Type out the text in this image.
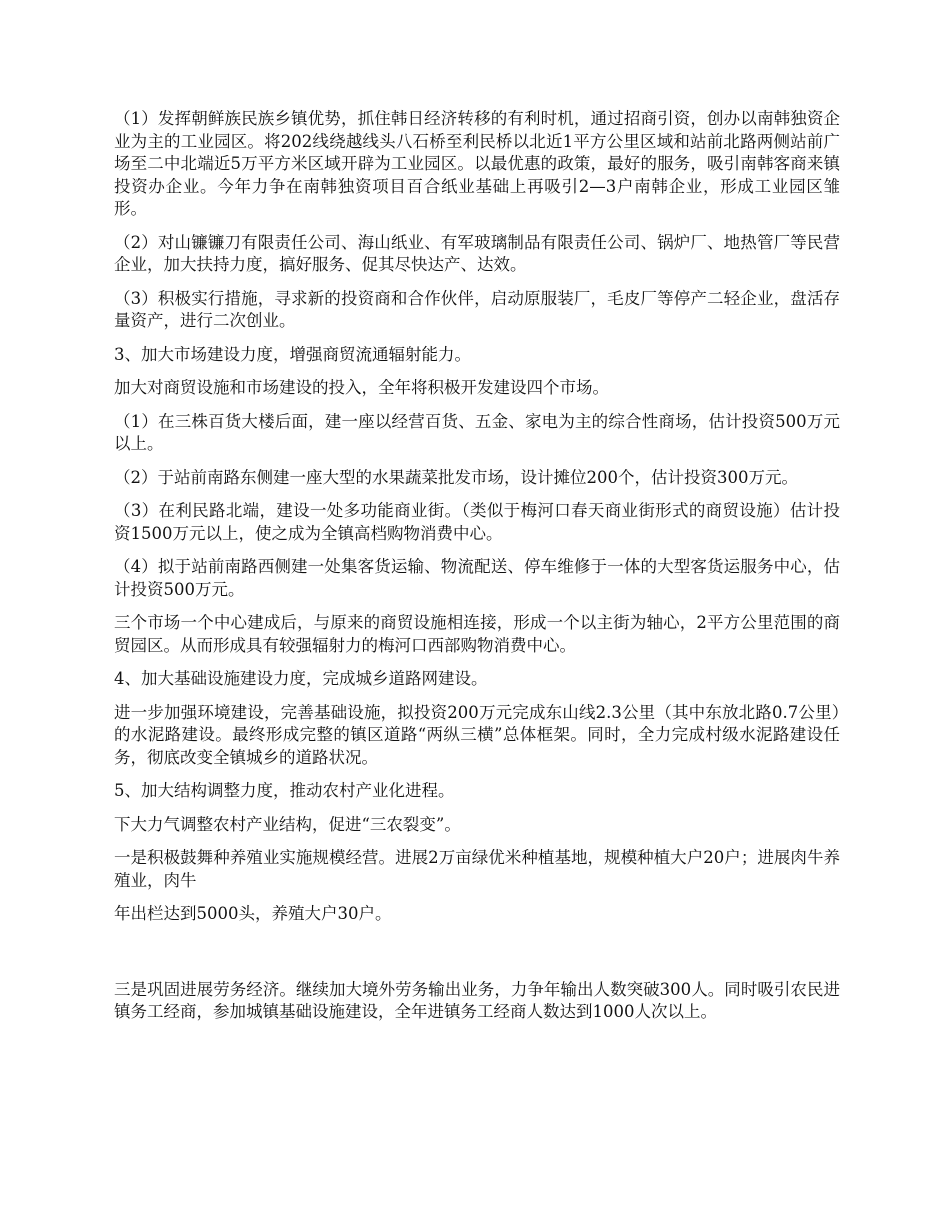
（1）发挥朝鲜族民族乡镇优势，抓住韩日经济转移的有利时机，通过招商引资，创办以南韩独资企业为主的工业园区。将202线绕越线头八石桥至利民桥以北近1平方公里区域和站前北路两侧站前广场至二中北端近5万平方米区域开辟为工业园区。以最优惠的政策，最好的服务，吸引南韩客商来镇投资办企业。今年力争在南韩独资项目百合纸业基础上再吸引2—3户南韩企业，形成工业园区雏形。

（2）对山镰镰刀有限责任公司、海山纸业、有军玻璃制品有限责任公司、锅炉厂、地热管厂等民营企业，加大扶持力度，搞好服务、促其尽快达产、达效。

（3）积极实行措施，寻求新的投资商和合作伙伴，启动原服装厂，毛皮厂等停产二轻企业，盘活存量资产，进行二次创业。

3、加大市场建设力度，增强商贸流通辐射能力。

加大对商贸设施和市场建设的投入，全年将积极开发建设四个市场。

（1）在三株百货大楼后面，建一座以经营百货、五金、家电为主的综合性商场，估计投资500万元以上。

（2）于站前南路东侧建一座大型的水果蔬菜批发市场，设计摊位200个，估计投资300万元。

（3）在利民路北端，建设一处多功能商业街。（类似于梅河口春天商业街形式的商贸设施）估计投资1500万元以上，使之成为全镇高档购物消费中心。

（4）拟于站前南路西侧建一处集客货运输、物流配送、停车维修于一体的大型客货运服务中心，估计投资500万元。

三个市场一个中心建成后，与原来的商贸设施相连接，形成一个以主街为轴心，2平方公里范围的商贸园区。从而形成具有较强辐射力的梅河口西部购物消费中心。

4、加大基础设施建设力度，完成城乡道路网建设。

进一步加强环境建设，完善基础设施，拟投资200万元完成东山线2.3公里（其中东放北路0.7公里）的水泥路建设。最终形成完整的镇区道路“两纵三横”总体框架。同时，全力完成村级水泥路建设任务，彻底改变全镇城乡的道路状况。

5、加大结构调整力度，推动农村产业化进程。

下大力气调整农村产业结构，促进“三农裂变”。

一是积极鼓舞种养殖业实施规模经营。进展2万亩绿优米种植基地，规模种植大户20户；进展肉牛养殖业，肉牛

年出栏达到5000头，养殖大户30户。

三是巩固进展劳务经济。继续加大境外劳务输出业务，力争年输出人数突破300人。同时吸引农民进镇务工经商，参加城镇基础设施建设，全年进镇务工经商人数达到1000人次以上。
